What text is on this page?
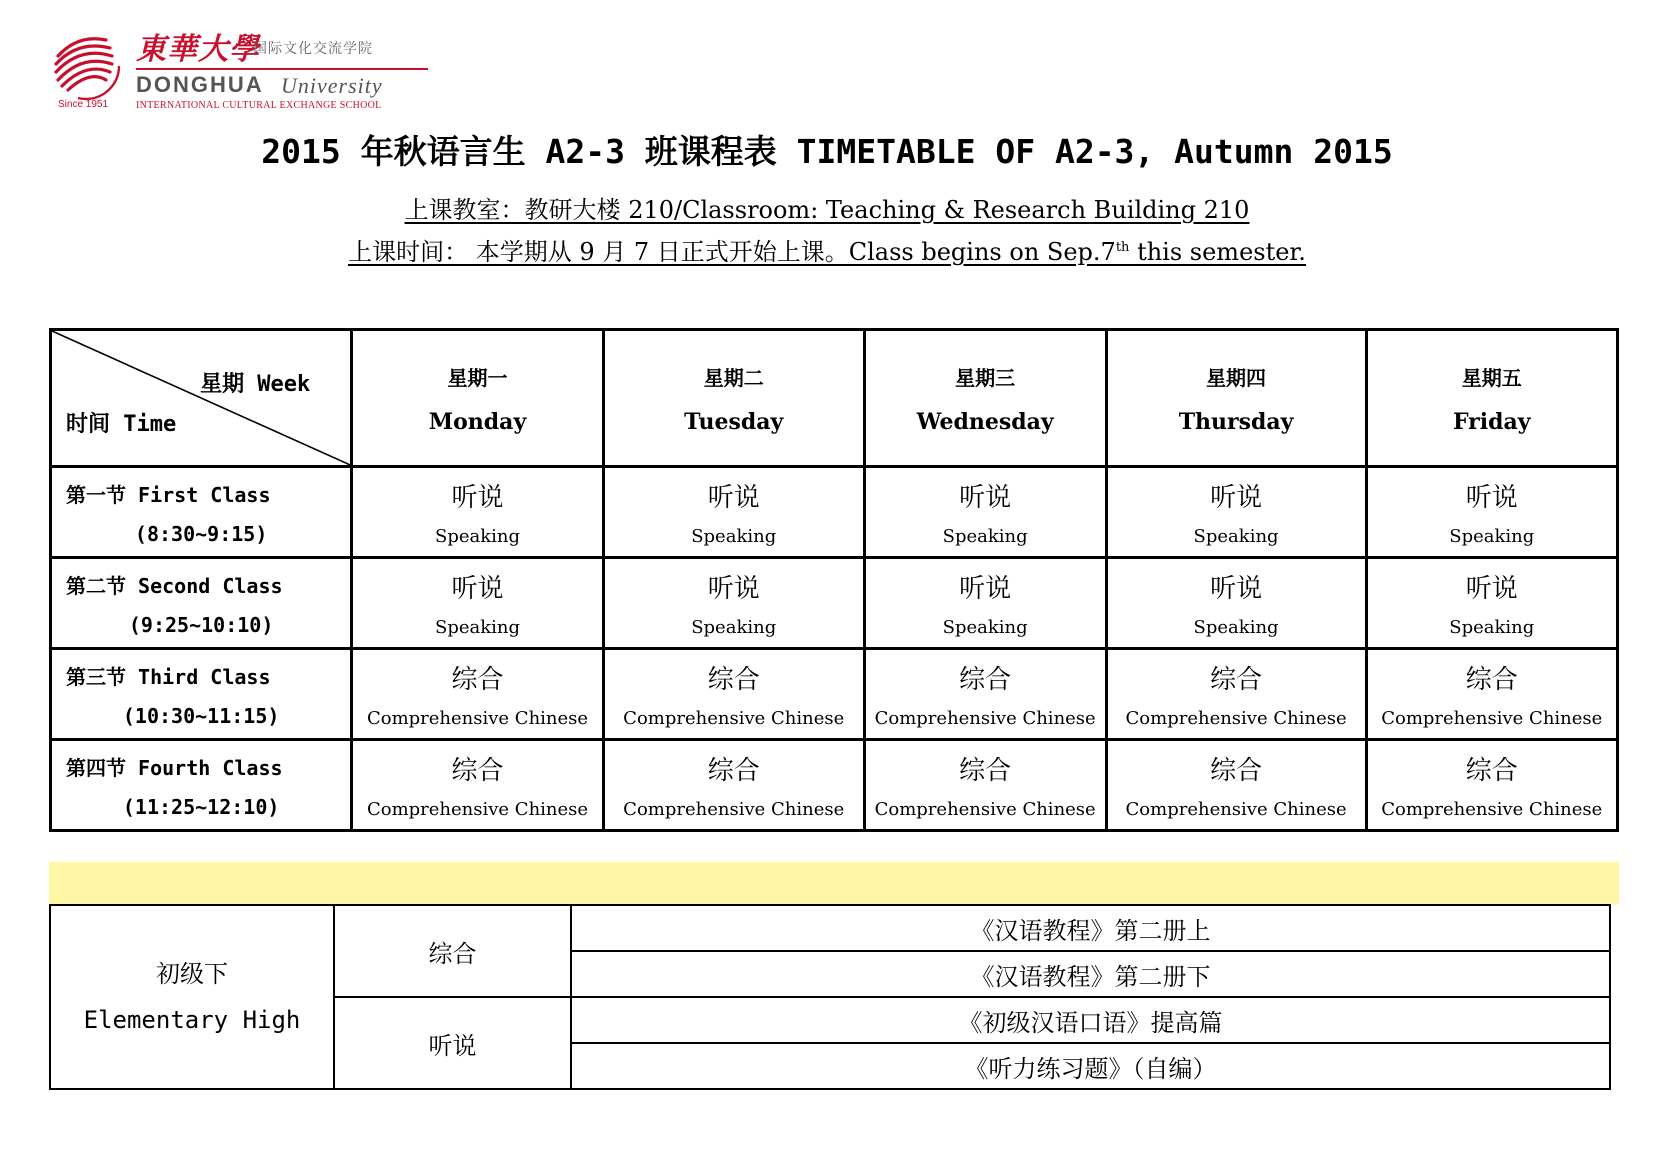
Since 1951
東華大學
国际文化交流学院
DONGHUA University
INTERNATIONAL CULTURAL EXCHANGE SCHOOL
2015 年秋语言生 A2-3 班课程表 TIMETABLE OF A2-3, Autumn 2015
上课教室：教研大楼 210/Classroom: Teaching & Research Building 210
上课时间： 本学期从 9 月 7 日正式开始上课。Class begins on Sep.7th this semester.
星期 Week
时间 Time	星期一
Monday	星期二
Tuesday	星期三
Wednesday	星期四
Thursday	星期五
Friday

第一节 First Class
(8:30~9:15)	听说
Speaking	听说
Speaking	听说
Speaking	听说
Speaking	听说
Speaking

第二节 Second Class
(9:25~10:10)	听说
Speaking	听说
Speaking	听说
Speaking	听说
Speaking	听说
Speaking

第三节 Third Class
(10:30~11:15)	综合
Comprehensive Chinese	综合
Comprehensive Chinese	综合
Comprehensive Chinese	综合
Comprehensive Chinese	综合
Comprehensive Chinese

第四节 Fourth Class
(11:25~12:10)	综合
Comprehensive Chinese	综合
Comprehensive Chinese	综合
Comprehensive Chinese	综合
Comprehensive Chinese	综合
Comprehensive Chinese
初级下
Elementary High	综合	《汉语教程》第二册上
		《汉语教程》第二册下
	听说	《初级汉语口语》提高篇
		《听力练习题》（自编）
